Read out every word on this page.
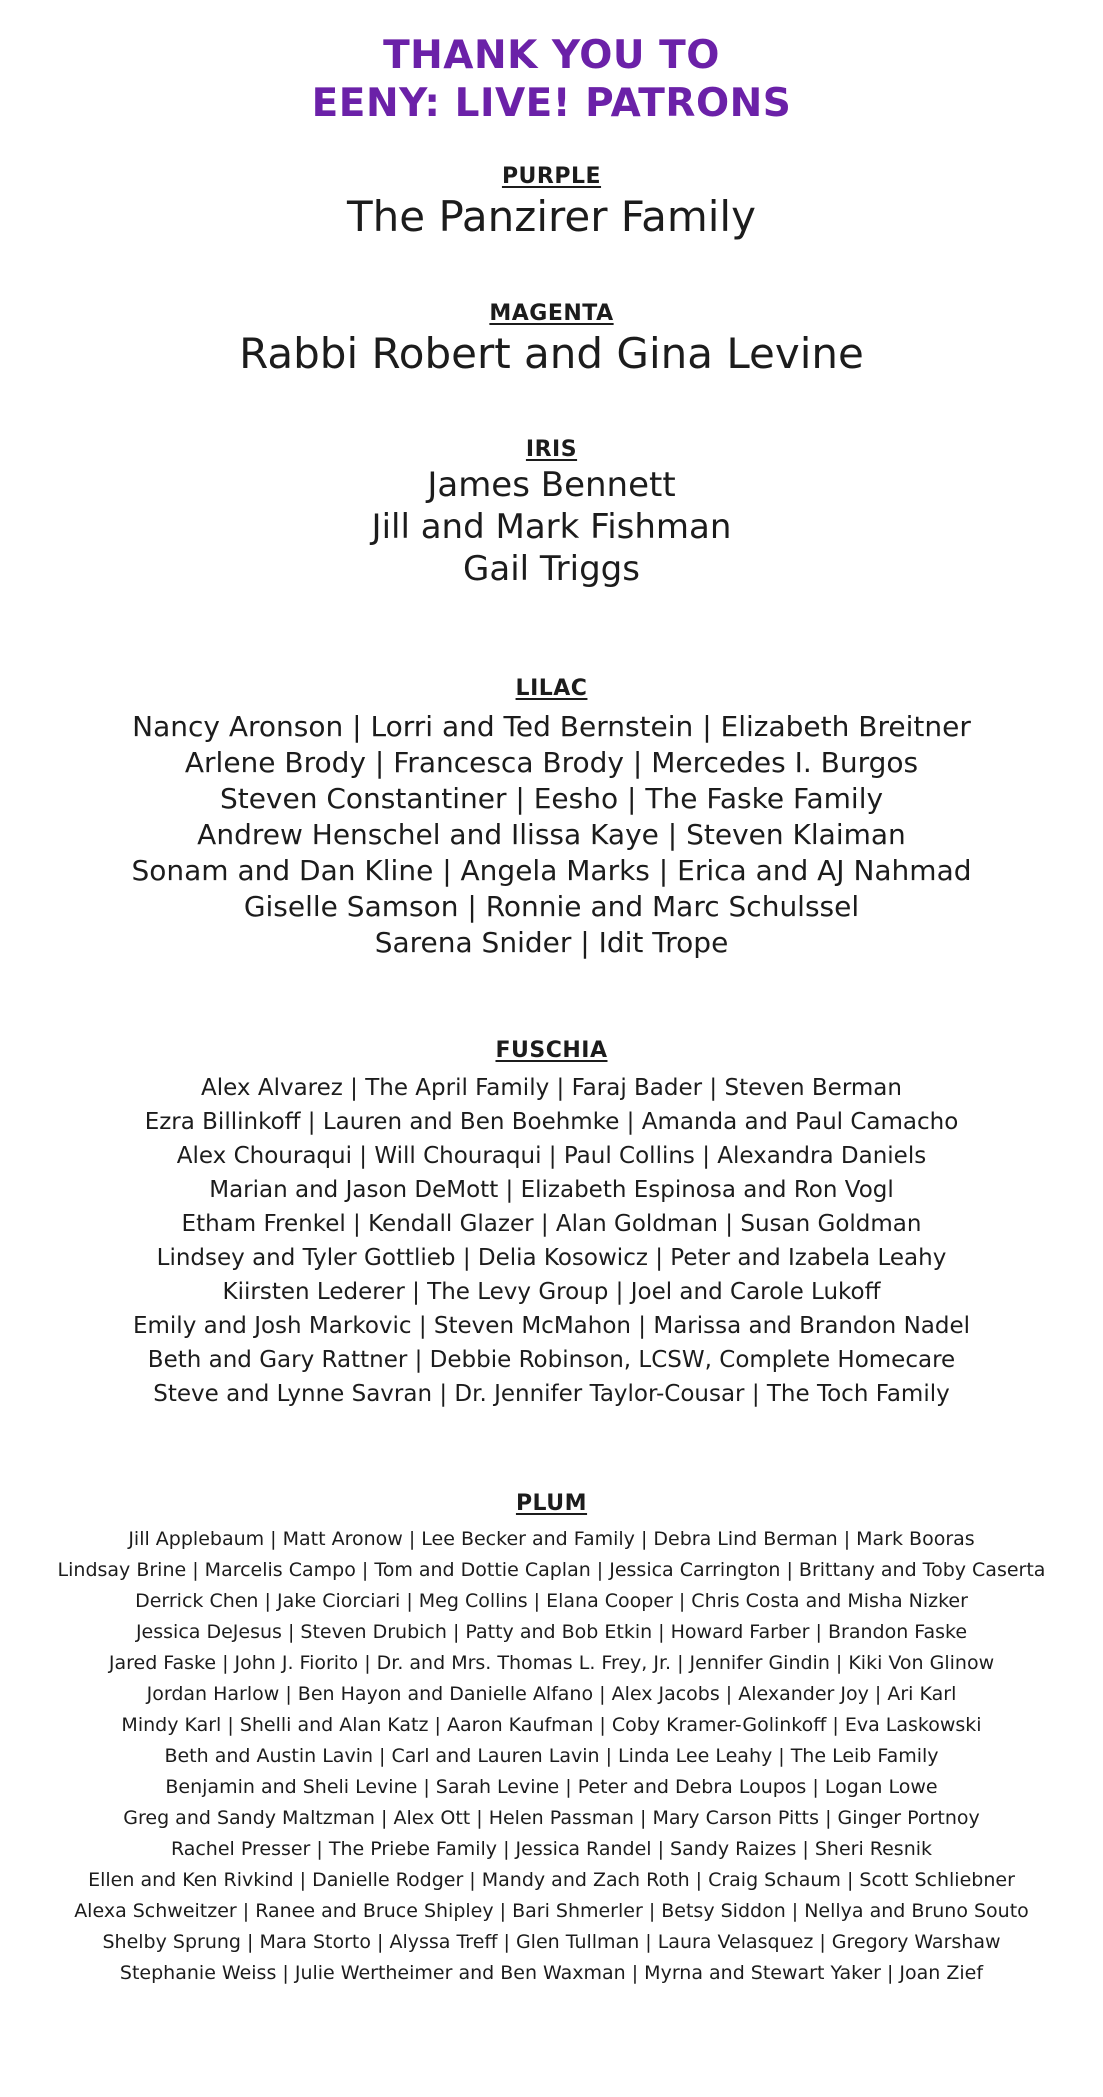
THANK YOU TO
EENY: LIVE! PATRONS
PURPLE
The Panzirer Family
MAGENTA
Rabbi Robert and Gina Levine
IRIS
James Bennett
Jill and Mark Fishman
Gail Triggs
LILAC
Nancy Aronson | Lorri and Ted Bernstein | Elizabeth Breitner
Arlene Brody | Francesca Brody | Mercedes I. Burgos
Steven Constantiner | Eesho | The Faske Family
Andrew Henschel and Ilissa Kaye | Steven Klaiman
Sonam and Dan Kline | Angela Marks | Erica and AJ Nahmad
Giselle Samson | Ronnie and Marc Schulssel
Sarena Snider | Idit Trope
FUSCHIA
Alex Alvarez | The April Family | Faraj Bader | Steven Berman
Ezra Billinkoff | Lauren and Ben Boehmke | Amanda and Paul Camacho
Alex Chouraqui | Will Chouraqui | Paul Collins | Alexandra Daniels
Marian and Jason DeMott | Elizabeth Espinosa and Ron Vogl
Etham Frenkel | Kendall Glazer | Alan Goldman | Susan Goldman
Lindsey and Tyler Gottlieb | Delia Kosowicz | Peter and Izabela Leahy
Kiirsten Lederer | The Levy Group | Joel and Carole Lukoff
Emily and Josh Markovic | Steven McMahon | Marissa and Brandon Nadel
Beth and Gary Rattner | Debbie Robinson, LCSW, Complete Homecare
Steve and Lynne Savran | Dr. Jennifer Taylor-Cousar | The Toch Family
PLUM
Jill Applebaum | Matt Aronow | Lee Becker and Family | Debra Lind Berman | Mark Booras
Lindsay Brine | Marcelis Campo | Tom and Dottie Caplan | Jessica Carrington | Brittany and Toby Caserta
Derrick Chen | Jake Ciorciari | Meg Collins | Elana Cooper | Chris Costa and Misha Nizker
Jessica DeJesus | Steven Drubich | Patty and Bob Etkin | Howard Farber | Brandon Faske
Jared Faske | John J. Fiorito | Dr. and Mrs. Thomas L. Frey, Jr. | Jennifer Gindin | Kiki Von Glinow
Jordan Harlow | Ben Hayon and Danielle Alfano | Alex Jacobs | Alexander Joy | Ari Karl
Mindy Karl | Shelli and Alan Katz | Aaron Kaufman | Coby Kramer-Golinkoff | Eva Laskowski
Beth and Austin Lavin | Carl and Lauren Lavin | Linda Lee Leahy | The Leib Family
Benjamin and Sheli Levine | Sarah Levine | Peter and Debra Loupos | Logan Lowe
Greg and Sandy Maltzman | Alex Ott | Helen Passman | Mary Carson Pitts | Ginger Portnoy
Rachel Presser | The Priebe Family | Jessica Randel | Sandy Raizes | Sheri Resnik
Ellen and Ken Rivkind | Danielle Rodger | Mandy and Zach Roth | Craig Schaum | Scott Schliebner
Alexa Schweitzer | Ranee and Bruce Shipley | Bari Shmerler | Betsy Siddon | Nellya and Bruno Souto
Shelby Sprung | Mara Storto | Alyssa Treff | Glen Tullman | Laura Velasquez | Gregory Warshaw
Stephanie Weiss | Julie Wertheimer and Ben Waxman | Myrna and Stewart Yaker | Joan Zief
